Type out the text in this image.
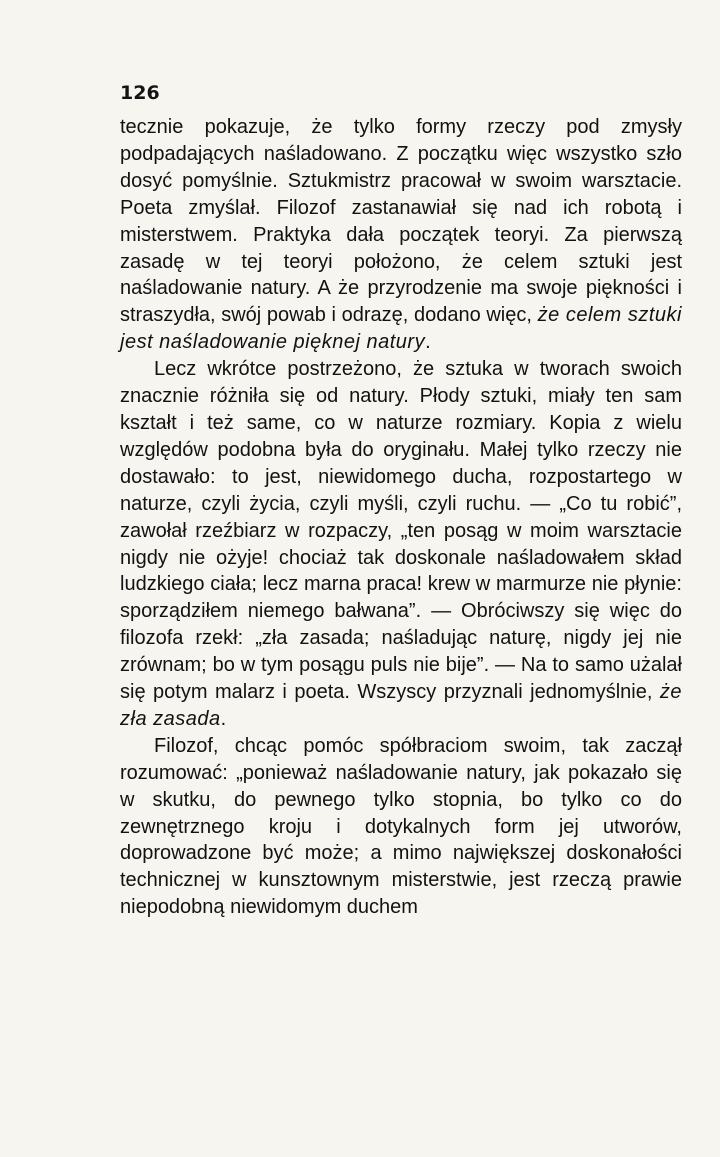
126

tecznie pokazuje, że tylko formy rzeczy pod zmysły podpadających naśladowano. Z początku więc wszystko szło dosyć pomyślnie. Sztukmistrz pracował w swoim warsztacie. Poeta zmyślał. Filozof zastanawiał się nad ich robotą i misterstwem. Praktyka dała początek teoryi. Za pierwszą zasadę w tej teoryi położono, że celem sztuki jest naśladowanie natury. A że przyrodzenie ma swoje piękności i straszydła, swój powab i odrazę, dodano więc, że celem sztuki jest naśladowanie pięknej natury.

Lecz wkrótce postrzeżono, że sztuka w tworach swoich znacznie różniła się od natury. Płody sztuki, miały ten sam kształt i też same, co w naturze rozmiary. Kopia z wielu względów podobna była do oryginału. Małej tylko rzeczy nie dostawało: to jest, niewidomego ducha, rozpostartego w naturze, czyli życia, czyli myśli, czyli ruchu. — „Co tu robić”, zawołał rzeźbiarz w rozpaczy, „ten posąg w moim warsztacie nigdy nie ożyje! chociaż tak doskonale naśladowałem skład ludzkiego ciała; lecz marna praca! krew w marmurze nie płynie: sporządziłem niemego bałwana”. — Obróciwszy się więc do filozofa rzekł: „zła zasada; naśladując naturę, nigdy jej nie zrównam; bo w tym posągu puls nie bije”. — Na to samo użalał się potym malarz i poeta. Wszyscy przyznali jednomyślnie, że zła zasada.

Filozof, chcąc pomóc spółbraciom swoim, tak zaczął rozumować: „ponieważ naśladowanie natury, jak pokazało się w skutku, do pewnego tylko stopnia, bo tylko co do zewnętrznego kroju i dotykalnych form jej utworów, doprowadzone być może; a mimo największej doskonałości technicznej w kunsztownym misterstwie, jest rzeczą prawie niepodobną niewidomym duchem
